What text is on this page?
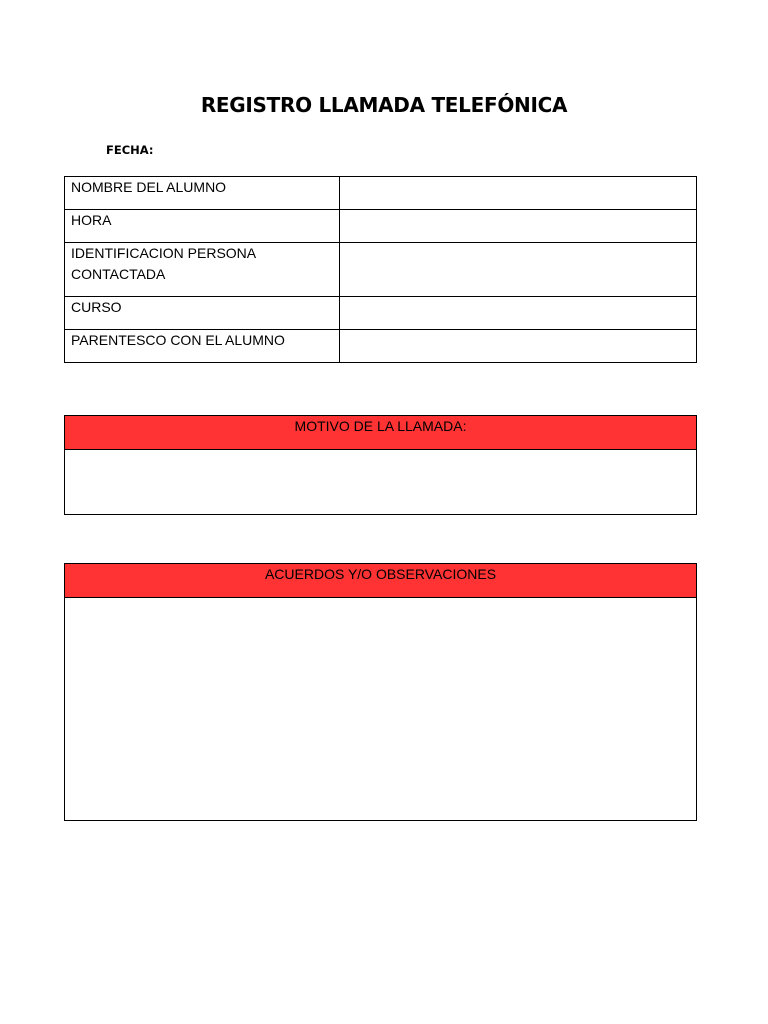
REGISTRO LLAMADA TELEFÓNICA
FECHA:
NOMBRE DEL ALUMNO	
HORA	
IDENTIFICACION PERSONA CONTACTADA	
CURSO	
PARENTESCO CON EL ALUMNO	
MOTIVO DE LA LLAMADA:
ACUERDOS Y/O OBSERVACIONES
